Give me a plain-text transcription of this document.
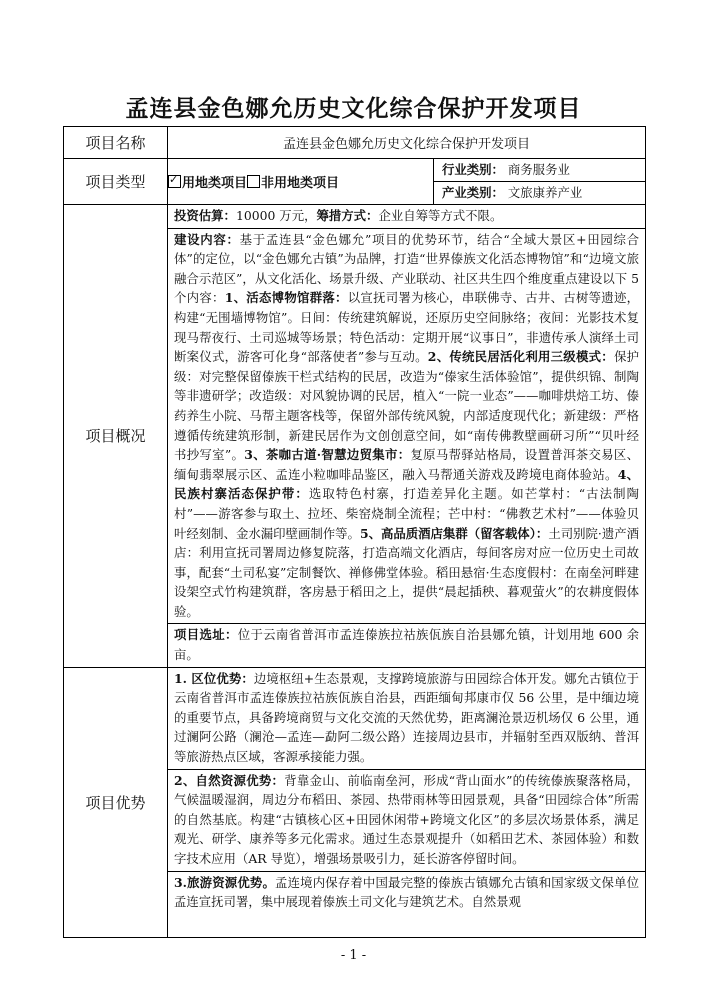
孟连县金色娜允历史文化综合保护开发项目
项目名称	孟连县金色娜允历史文化综合保护开发项目	
项目类型	✓用地类项目 非用地类项目	行业类别： 商务服务业
产业类别： 文旅康养产业

项目概况	投资估算：10000 万元，筹措方式：企业自筹等方式不限。
建设内容：基于孟连县“金色娜允”项目的优势环节，结合“全域大景区+田园综合体”的定位，以“金色娜允古镇”为品牌，打造“世界傣族文化活态博物馆”和“边境文旅融合示范区”，从文化活化、场景升级、产业联动、社区共生四个维度重点建设以下 5 个内容：1、活态博物馆群落：以宣抚司署为核心，串联佛寺、古井、古树等遗迹，构建“无围墙博物馆”。日间：传统建筑解说，还原历史空间脉络；夜间：光影技术复现马帮夜行、土司巡城等场景；特色活动：定期开展“议事日”，非遗传承人演绎土司断案仪式，游客可化身“部落使者”参与互动。2、传统民居活化利用三级模式：保护级：对完整保留傣族干栏式结构的民居，改造为“傣家生活体验馆”，提供织锦、制陶等非遗研学；改造级：对风貌协调的民居，植入“一院一业态”——咖啡烘焙工坊、傣药养生小院、马帮主题客栈等，保留外部传统风貌，内部适度现代化；新建级：严格遵循传统建筑形制，新建民居作为文创创意空间，如“南传佛教壁画研习所”“贝叶经书抄写室”。3、茶咖古道·智慧边贸集市：复原马帮驿站格局，设置普洱茶交易区、缅甸翡翠展示区、孟连小粒咖啡品鉴区，融入马帮通关游戏及跨境电商体验站。4、民族村寨活态保护带：选取特色村寨，打造差异化主题。如芒掌村：“古法制陶村”——游客参与取土、拉坯、柴窑烧制全流程；芒中村：“佛教艺术村”——体验贝叶经刻制、金水漏印壁画制作等。5、高品质酒店集群（留客载体）：土司别院·遗产酒店：利用宣抚司署周边修复院落，打造高端文化酒店，每间客房对应一位历史土司故事，配套“土司私宴”定制餐饮、禅修佛堂体验。稻田悬宿·生态度假村：在南垒河畔建设架空式竹构建筑群，客房悬于稻田之上，提供“晨起插秧、暮观萤火”的农耕度假体验。
项目选址：位于云南省普洱市孟连傣族拉祜族佤族自治县娜允镇，计划用地 600 余亩。	

项目优势	1. 区位优势：边境枢纽+生态景观，支撑跨境旅游与田园综合体开发。娜允古镇位于云南省普洱市孟连傣族拉祜族佤族自治县，西距缅甸邦康市仅 56 公里，是中缅边境的重要节点，具备跨境商贸与文化交流的天然优势，距离澜沧景迈机场仅 6 公里，通过澜阿公路（澜沧—孟连—勐阿二级公路）连接周边县市，并辐射至西双版纳、普洱等旅游热点区域，客源承接能力强。
2、自然资源优势：背靠金山、前临南垒河，形成“背山面水”的传统傣族聚落格局，气候温暖湿润，周边分布稻田、茶园、热带雨林等田园景观，具备“田园综合体”所需的自然基底。构建“古镇核心区+田园休闲带+跨境文化区”的多层次场景体系，满足观光、研学、康养等多元化需求。通过生态景观提升（如稻田艺术、茶园体验）和数字技术应用（AR 导览），增强场景吸引力，延长游客停留时间。
3.旅游资源优势。孟连境内保存着中国最完整的傣族古镇娜允古镇和国家级文保单位孟连宣抚司署，集中展现着傣族土司文化与建筑艺术。自然景观	
- 1 -
